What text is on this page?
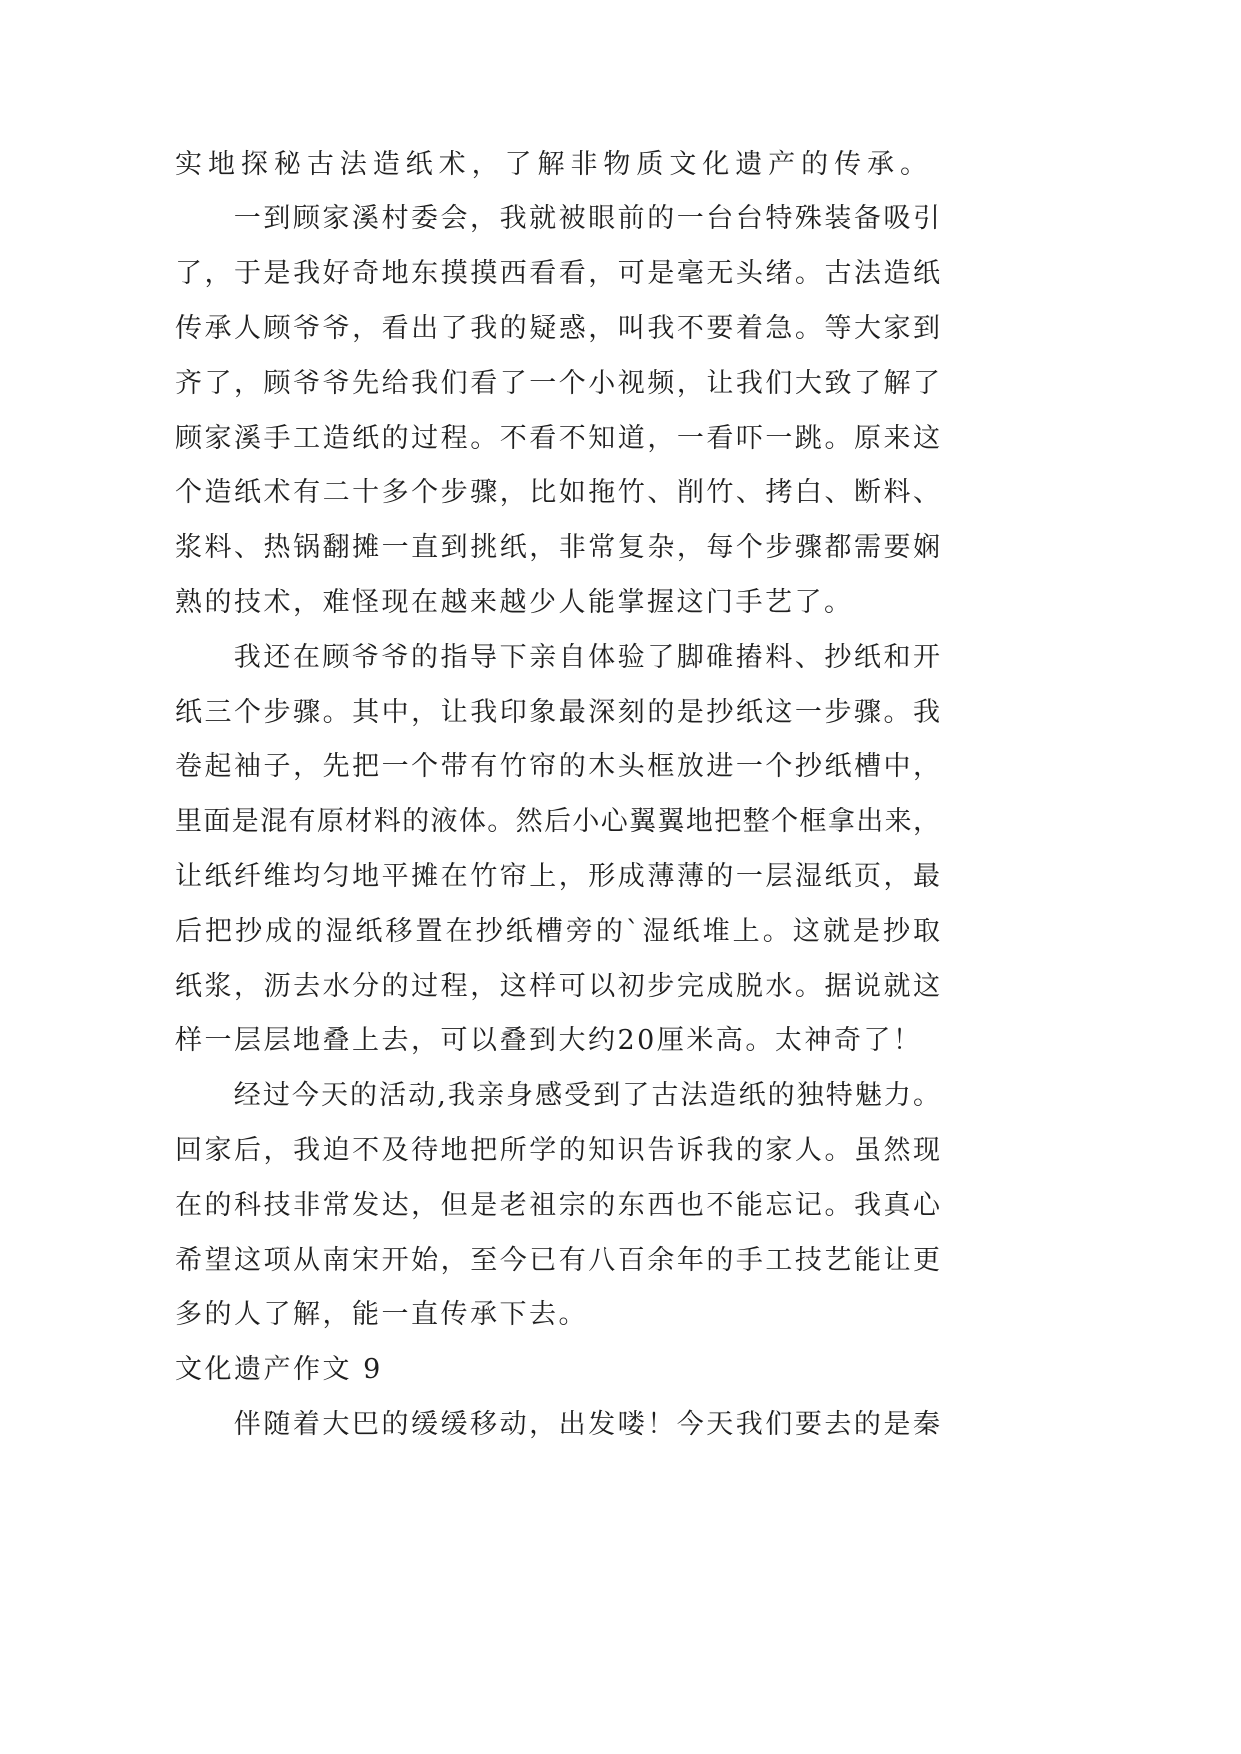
实地探秘古法造纸术，了解非物质文化遗产的传承。
一到顾家溪村委会，我就被眼前的一台台特殊装备吸引
了，于是我好奇地东摸摸西看看，可是毫无头绪。古法造纸
传承人顾爷爷，看出了我的疑惑，叫我不要着急。等大家到
齐了，顾爷爷先给我们看了一个小视频，让我们大致了解了
顾家溪手工造纸的过程。不看不知道，一看吓一跳。原来这
个造纸术有二十多个步骤，比如拖竹、削竹、拷白、断料、
浆料、热锅翻摊一直到挑纸，非常复杂，每个步骤都需要娴
熟的技术，难怪现在越来越少人能掌握这门手艺了。
我还在顾爷爷的指导下亲自体验了脚碓摏料、抄纸和开
纸三个步骤。其中，让我印象最深刻的是抄纸这一步骤。我
卷起袖子，先把一个带有竹帘的木头框放进一个抄纸槽中，
里面是混有原材料的液体。然后小心翼翼地把整个框拿出来，
让纸纤维均匀地平摊在竹帘上，形成薄薄的一层湿纸页，最
后把抄成的湿纸移置在抄纸槽旁的`湿纸堆上。这就是抄取
纸浆，沥去水分的过程，这样可以初步完成脱水。据说就这
样一层层地叠上去，可以叠到大约20厘米高。太神奇了！
经过今天的活动,我亲身感受到了古法造纸的独特魅力。
回家后，我迫不及待地把所学的知识告诉我的家人。虽然现
在的科技非常发达，但是老祖宗的东西也不能忘记。我真心
希望这项从南宋开始，至今已有八百余年的手工技艺能让更
多的人了解，能一直传承下去。
文化遗产作文 9
伴随着大巴的缓缓移动，出发喽！今天我们要去的是秦
